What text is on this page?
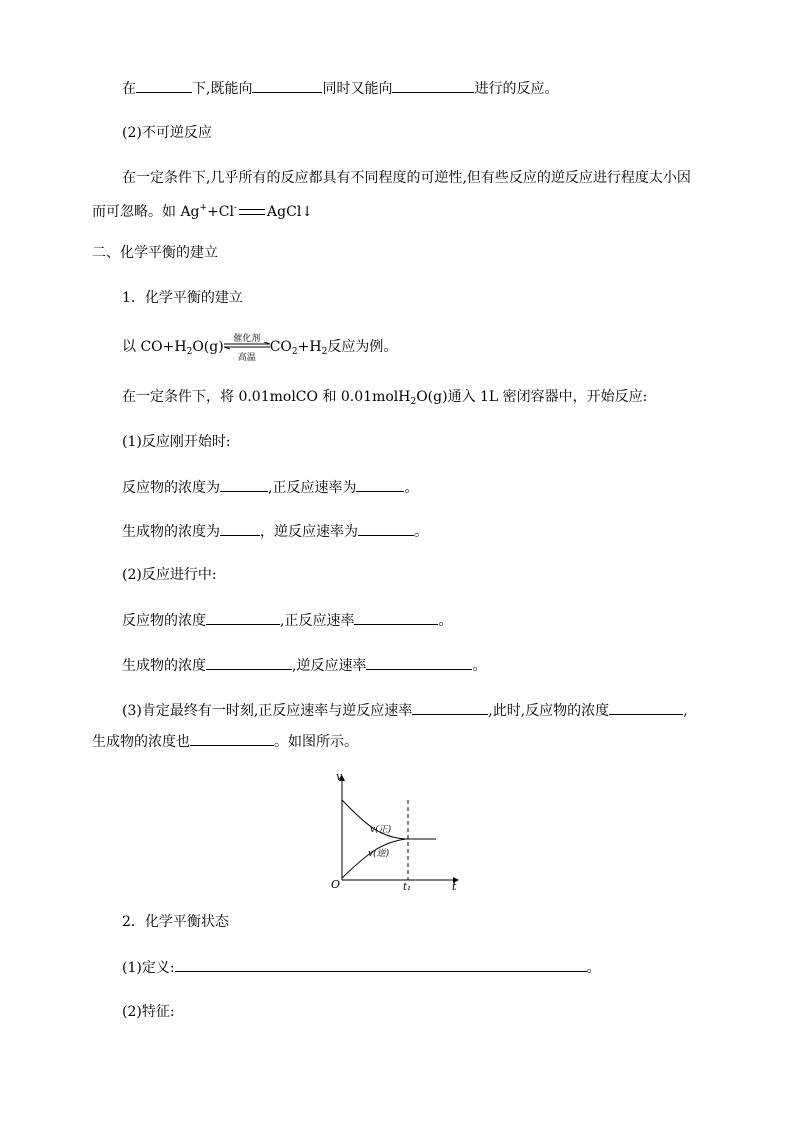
在	下,既能向	同时又能向	进行的反应。
(2)不可逆反应
在一定条件下,几乎所有的反应都具有不同程度的可逆性,但有些反应的逆反应进行程度太小因
而可忽略。如 Ag++Cl- AgCl↓
二、化学平衡的建立
1．化学平衡的建立
以 $CO+H_2O(g)$	催化剂
高温
$CO_2+H_2$反应为例。
在一定条件下，将 0.01molCO 和 0.01molH$_2$O(g)通入 1L 密闭容器中，开始反应:
(1)反应刚开始时:
反应物的浓度为	,正反应速率为	。
生成物的浓度为	，逆反应速率为	。
(2)反应进行中:
反应物的浓度	,正反应速率	。
生成物的浓度	,逆反应速率	。
(3)肯定最终有一时刻,正反应速率与逆反应速率	,此时,反应物的浓度	,
生成物的浓度也	。如图所示。
v
t
O	t₁
v(正)
v(逆)
2．化学平衡状态
(1)定义:	。
(2)特征:
